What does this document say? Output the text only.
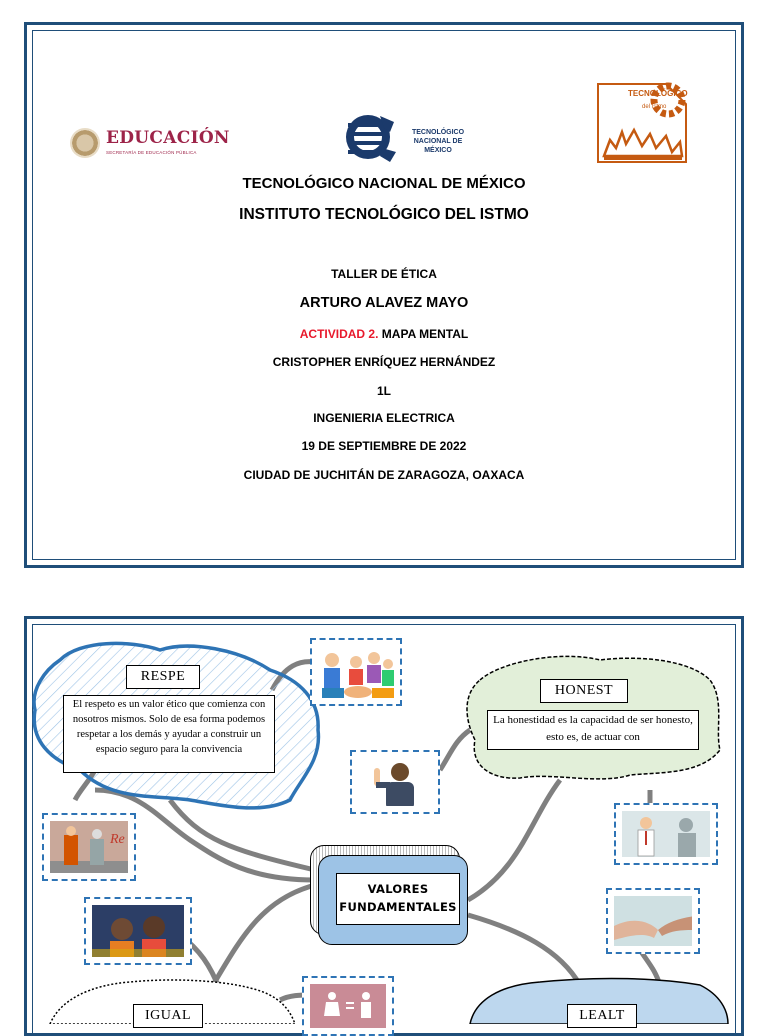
EDUCACIÓN
SECRETARÍA DE EDUCACIÓN PÚBLICA
TECNOLÓGICO
NACIONAL DE MÉXICO
TECNOLÓGICO
del Istmo
TECNOLÓGICO NACIONAL DE MÉXICO
INSTITUTO TECNOLÓGICO DEL ISTMO
TALLER DE ÉTICA
ARTURO ALAVEZ MAYO
ACTIVIDAD 2. MAPA MENTAL
CRISTOPHER ENRÍQUEZ HERNÁNDEZ
1L
INGENIERIA ELECTRICA
19 DE SEPTIEMBRE DE 2022
CIUDAD DE JUCHITÁN DE ZARAGOZA, OAXACA
VALORES
FUNDAMENTALES
RESPE
El respeto es un valor ético que comienza con nosotros mismos. Solo de esa forma podemos respetar a los demás y ayudar a construir un espacio seguro para la convivencia
HONEST
La honestidad es la capacidad de ser honesto, esto es, de actuar con
IGUAL	LEALT
Re
